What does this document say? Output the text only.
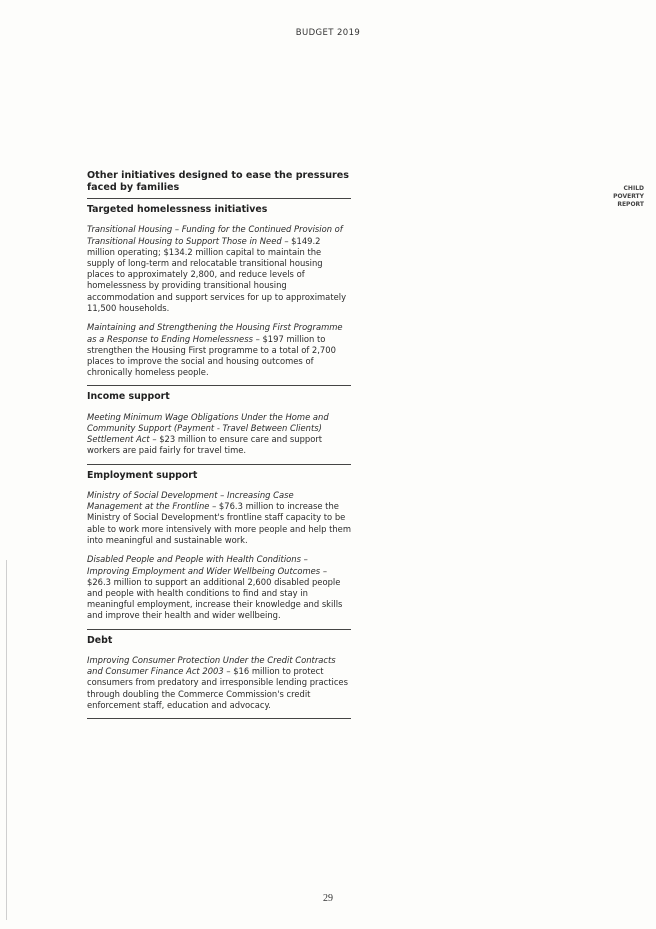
BUDGET 2019
CHILD
POVERTY
REPORT
Other initiatives designed to ease the pressures faced by families
Targeted homelessness initiatives

Transitional Housing – Funding for the Continued Provision of Transitional Housing to Support Those in Need – $149.2 million operating; $134.2 million capital to maintain the supply of long-term and relocatable transitional housing places to approximately 2,800, and reduce levels of homelessness by providing transitional housing accommodation and support services for up to approximately 11,500 households.

Maintaining and Strengthening the Housing First Programme as a Response to Ending Homelessness – $197 million to strengthen the Housing First programme to a total of 2,700 places to improve the social and housing outcomes of chronically homeless people.

Income support

Meeting Minimum Wage Obligations Under the Home and Community Support (Payment - Travel Between Clients) Settlement Act – $23 million to ensure care and support workers are paid fairly for travel time.

Employment support

Ministry of Social Development – Increasing Case Management at the Frontline – $76.3 million to increase the Ministry of Social Development's frontline staff capacity to be able to work more intensively with more people and help them into meaningful and sustainable work.

Disabled People and People with Health Conditions – Improving Employment and Wider Wellbeing Outcomes – $26.3 million to support an additional 2,600 disabled people and people with health conditions to find and stay in meaningful employment, increase their knowledge and skills and improve their health and wider wellbeing.

Debt

Improving Consumer Protection Under the Credit Contracts and Consumer Finance Act 2003 – $16 million to protect consumers from predatory and irresponsible lending practices through doubling the Commerce Commission's credit enforcement staff, education and advocacy.

29
